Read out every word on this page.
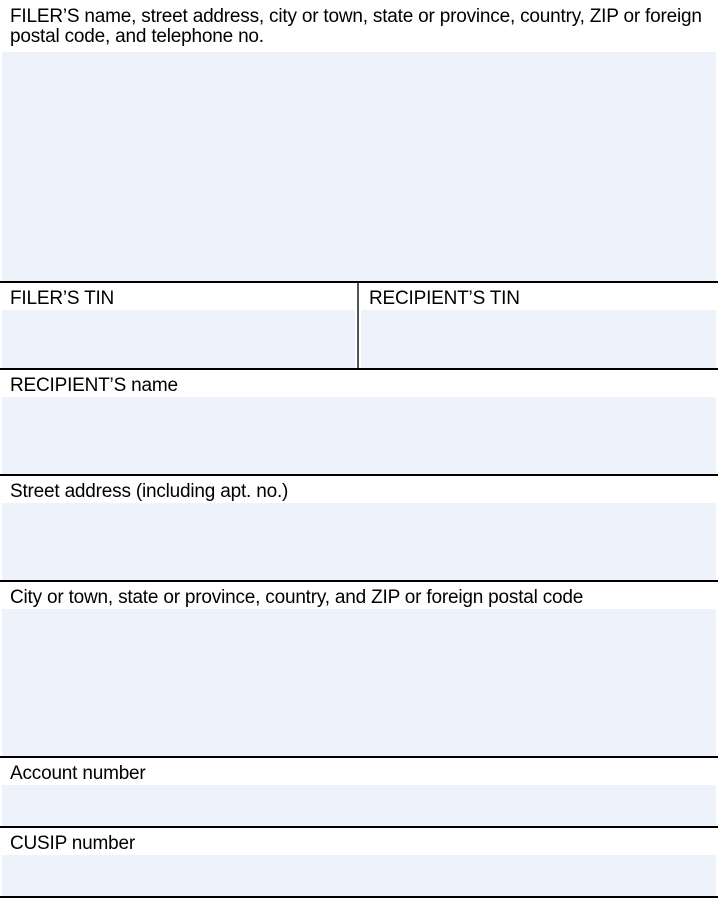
FILER’S name, street address, city or town, state or province, country, ZIP or foreign postal code, and telephone no.
FILER’S TIN	RECIPIENT’S TIN
RECIPIENT’S name
Street address (including apt. no.)
City or town, state or province, country, and ZIP or foreign postal code
Account number
CUSIP number
